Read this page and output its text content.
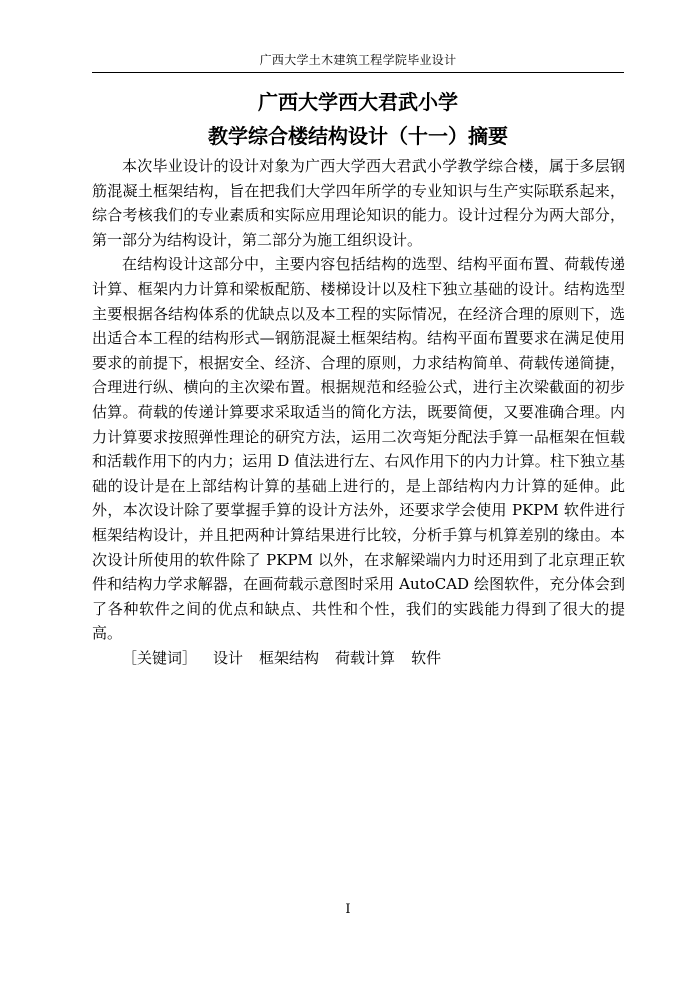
广西大学土木建筑工程学院毕业设计
广西大学西大君武小学
教学综合楼结构设计（十一）摘要

本次毕业设计的设计对象为广西大学西大君武小学教学综合楼，属于多层钢筋混凝土框架结构，旨在把我们大学四年所学的专业知识与生产实际联系起来，综合考核我们的专业素质和实际应用理论知识的能力。设计过程分为两大部分，第一部分为结构设计，第二部分为施工组织设计。

在结构设计这部分中，主要内容包括结构的选型、结构平面布置、荷载传递计算、框架内力计算和梁板配筋、楼梯设计以及柱下独立基础的设计。结构选型主要根据各结构体系的优缺点以及本工程的实际情况，在经济合理的原则下，选出适合本工程的结构形式—钢筋混凝土框架结构。结构平面布置要求在满足使用要求的前提下，根据安全、经济、合理的原则，力求结构简单、荷载传递简捷，合理进行纵、横向的主次梁布置。根据规范和经验公式，进行主次梁截面的初步估算。荷载的传递计算要求采取适当的简化方法，既要简便，又要准确合理。内力计算要求按照弹性理论的研究方法，运用二次弯矩分配法手算一品框架在恒载和活载作用下的内力；运用 D 值法进行左、右风作用下的内力计算。柱下独立基础的设计是在上部结构计算的基础上进行的，是上部结构内力计算的延伸。此外，本次设计除了要掌握手算的设计方法外，还要求学会使用 PKPM 软件进行框架结构设计，并且把两种计算结果进行比较，分析手算与机算差别的缘由。本次设计所使用的软件除了 PKPM 以外，在求解梁端内力时还用到了北京理正软件和结构力学求解器，在画荷载示意图时采用 AutoCAD 绘图软件，充分体会到了各种软件之间的优点和缺点、共性和个性，我们的实践能力得到了很大的提高。

［关键词］ 设计 框架结构 荷载计算 软件

I
